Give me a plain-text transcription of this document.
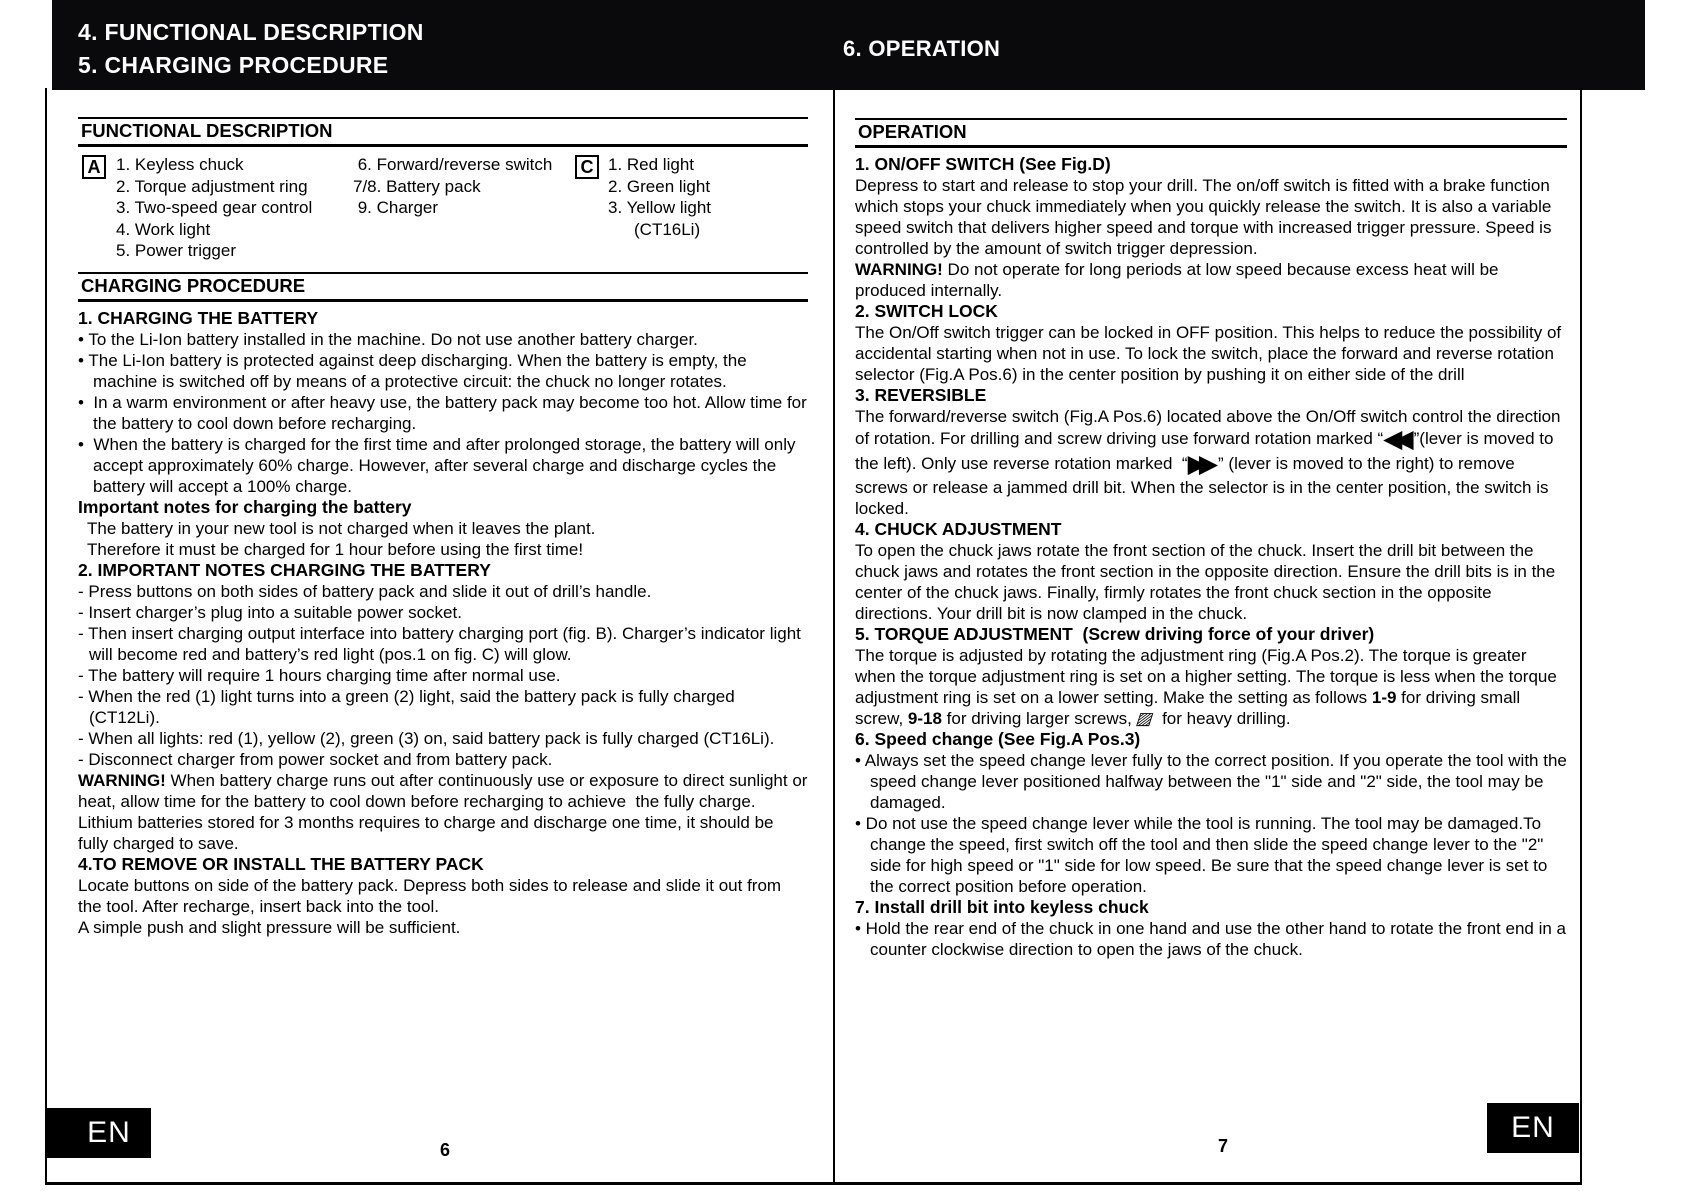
4. FUNCTIONAL DESCRIPTION
5. CHARGING PROCEDURE
6. OPERATION
FUNCTIONAL DESCRIPTION
A 1. Keyless chuck
2. Torque adjustment ring
3. Two-speed gear control
4. Work light
5. Power trigger
6. Forward/reverse switch
7/8. Battery pack
9. Charger
C 1. Red light
2. Green light
3. Yellow light
(CT16Li)
CHARGING PROCEDURE
1. CHARGING THE BATTERY
• To the Li-Ion battery installed in the machine. Do not use another battery charger.
• The Li-Ion battery is protected against deep discharging. When the battery is empty, the machine is switched off by means of a protective circuit: the chuck no longer rotates.
•  In a warm environment or after heavy use, the battery pack may become too hot. Allow time for the battery to cool down before recharging.
•  When the battery is charged for the first time and after prolonged storage, the battery will only accept approximately 60% charge. However, after several charge and discharge cycles the battery will accept a 100% charge.
Important notes for charging the battery
The battery in your new tool is not charged when it leaves the plant.
Therefore it must be charged for 1 hour before using the first time!
2. IMPORTANT NOTES CHARGING THE BATTERY
- Press buttons on both sides of battery pack and slide it out of drill’s handle.
- Insert charger’s plug into a suitable power socket.
- Then insert charging output interface into battery charging port (fig. B). Charger’s indicator light will become red and battery’s red light (pos.1 on fig. C) will glow.
- The battery will require 1 hours charging time after normal use.
- When the red (1) light turns into a green (2) light, said the battery pack is fully charged (CT12Li).
- When all lights: red (1), yellow (2), green (3) on, said battery pack is fully charged (CT16Li).
- Disconnect charger from power socket and from battery pack.
WARNING! When battery charge runs out after continuously use or exposure to direct sunlight or heat, allow time for the battery to cool down before recharging to achieve  the fully charge.  Lithium batteries stored for 3 months requires to charge and discharge one time, it should be fully charged to save.
4.TO REMOVE OR INSTALL THE BATTERY PACK
Locate buttons on side of the battery pack. Depress both sides to release and slide it out from the tool. After recharge, insert back into the tool.
A simple push and slight pressure will be sufficient.
OPERATION
1. ON/OFF SWITCH (See Fig.D)
Depress to start and release to stop your drill. The on/off switch is fitted with a brake function which stops your chuck immediately when you quickly release the switch. It is also a variable speed switch that delivers higher speed and torque with increased trigger pressure. Speed is controlled by the amount of switch trigger depression.
WARNING! Do not operate for long periods at low speed because excess heat will be produced internally.
2. SWITCH LOCK
The On/Off switch trigger can be locked in OFF position. This helps to reduce the possibility of accidental starting when not in use. To lock the switch, place the forward and reverse rotation selector (Fig.A Pos.6) in the center position by pushing it on either side of the drill
3. REVERSIBLE
The forward/reverse switch (Fig.A Pos.6) located above the On/Off switch control the direction of rotation. For drilling and screw driving use forward rotation marked “◀◀ ”(lever is moved to the left). Only use reverse rotation marked  “▶▶ ” (lever is moved to the right) to remove screws or release a jammed drill bit. When the selector is in the center position, the switch is locked.
4. CHUCK ADJUSTMENT
To open the chuck jaws rotate the front section of the chuck. Insert the drill bit between the chuck jaws and rotates the front section in the opposite direction. Ensure the drill bits is in the center of the chuck jaws. Finally, firmly rotates the front chuck section in the opposite directions. Your drill bit is now clamped in the chuck.
5. TORQUE ADJUSTMENT  (Screw driving force of your driver)
The torque is adjusted by rotating the adjustment ring (Fig.A Pos.2). The torque is greater when the torque adjustment ring is set on a higher setting. The torque is less when the torque adjustment ring is set on a lower setting. Make the setting as follows 1-9 for driving small screw, 9-18 for driving larger screws, ▨  for heavy drilling.
6. Speed change (See Fig.A Pos.3)
• Always set the speed change lever fully to the correct position. If you operate the tool with the speed change lever positioned halfway between the "1" side and "2" side, the tool may be damaged.
• Do not use the speed change lever while the tool is running. The tool may be damaged.To change the speed, first switch off the tool and then slide the speed change lever to the "2" side for high speed or "1" side for low speed. Be sure that the speed change lever is set to the correct position before operation.
7. Install drill bit into keyless chuck
• Hold the rear end of the chuck in one hand and use the other hand to rotate the front end in a counter clockwise direction to open the jaws of the chuck.
EN
6	7
EN
